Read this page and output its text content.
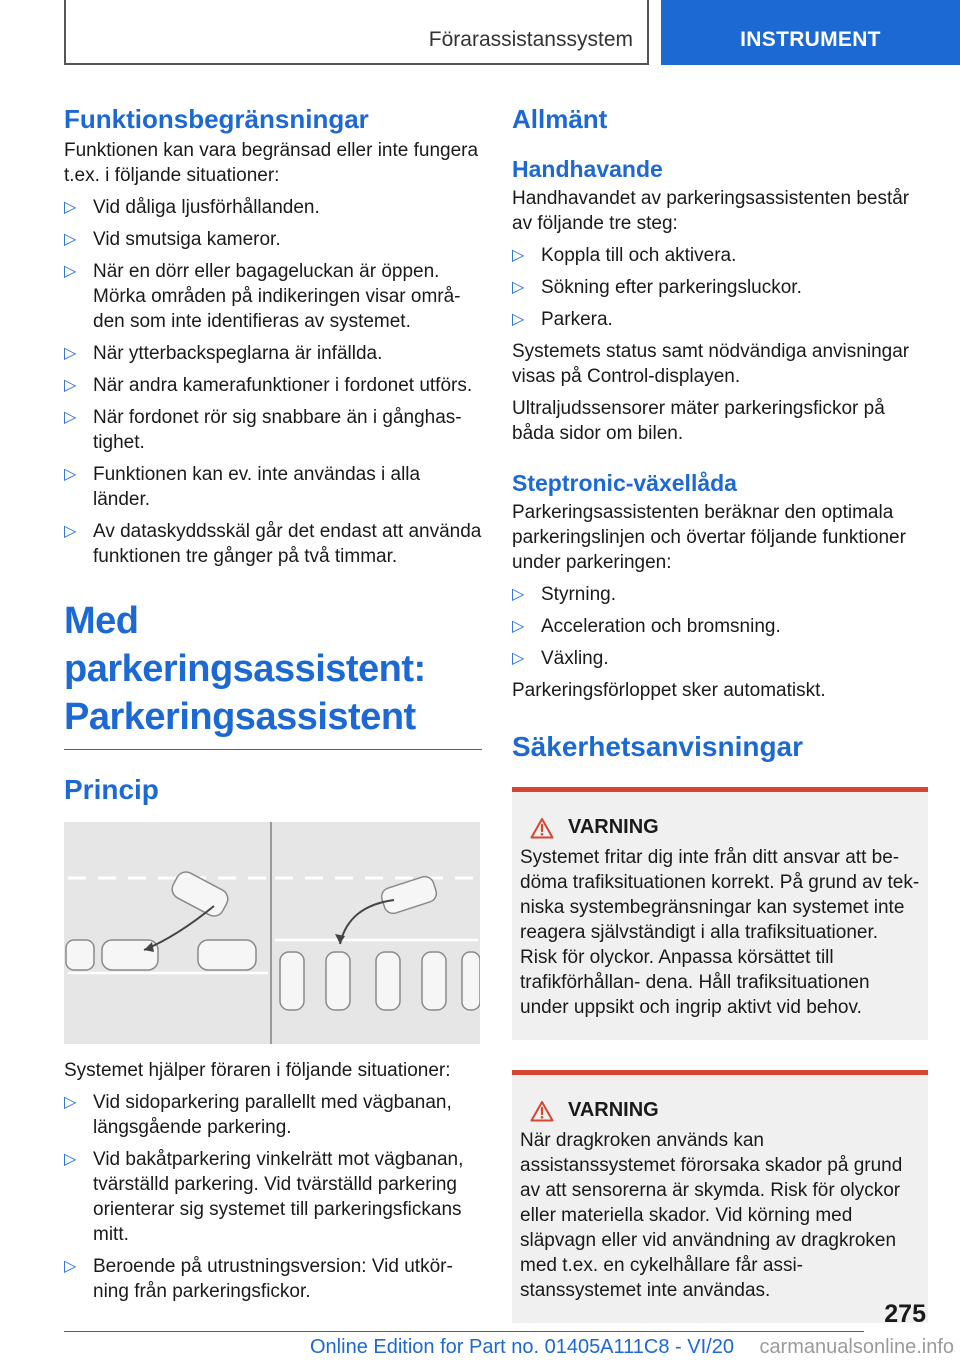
Förarassistanssystem	INSTRUMENT
Funktionsbegränsningar

Funktionen kan vara begränsad eller inte fungera t.ex. i följande situationer:

▷ Vid dåliga ljusförhållanden.
▷ Vid smutsiga kameror.
▷ När en dörr eller bagageluckan är öppen. Mörka områden på indikeringen visar områ- den som inte identifieras av systemet.
▷ När ytterbackspeglarna är infällda.
▷ När andra kamerafunktioner i fordonet utförs.
▷ När fordonet rör sig snabbare än i gånghas- tighet.
▷ Funktionen kan ev. inte användas i alla länder.
▷ Av dataskyddsskäl går det endast att använda funktionen tre gånger på två timmar.
Med parkeringsassistent: Parkeringsassistent
Princip

Systemet hjälper föraren i följande situationer:

▷ Vid sidoparkering parallellt med vägbanan, längsgående parkering.
▷ Vid bakåtparkering vinkelrätt mot vägbanan, tvärställd parkering. Vid tvärställd parkering orienterar sig systemet till parkeringsfickans mitt.
▷ Beroende på utrustningsversion: Vid utkör- ning från parkeringsfickor.
Allmänt
Handhavande

Handhavandet av parkeringsassistenten består av följande tre steg:

▷ Koppla till och aktivera.
▷ Sökning efter parkeringsluckor.
▷ Parkera.

Systemets status samt nödvändiga anvisningar visas på Control-displayen.

Ultraljudssensorer mäter parkeringsfickor på båda sidor om bilen.

Steptronic-växellåda

Parkeringsassistenten beräknar den optimala parkeringslinjen och övertar följande funktioner under parkeringen:

▷ Styrning.
▷ Acceleration och bromsning.
▷ Växling.

Parkeringsförloppet sker automatiskt.

Säkerhetsanvisningar
VARNING

Systemet fritar dig inte från ditt ansvar att be- döma trafiksituationen korrekt. På grund av tek- niska systembegränsningar kan systemet inte reagera självständigt i alla trafiksituationer. Risk för olyckor. Anpassa körsättet till trafikförhållan- dena. Håll trafiksituationen under uppsikt och ingrip aktivt vid behov.

VARNING

När dragkroken används kan assistanssystemet förorsaka skador på grund av att sensorerna är skymda. Risk för olyckor eller materiella skador. Vid körning med släpvagn eller vid användning av dragkroken med t.ex. en cykelhållare får assi- stanssystemet inte användas.

275
Online Edition for Part no. 01405A111C8 - VI/20 carmanualsonline.info
